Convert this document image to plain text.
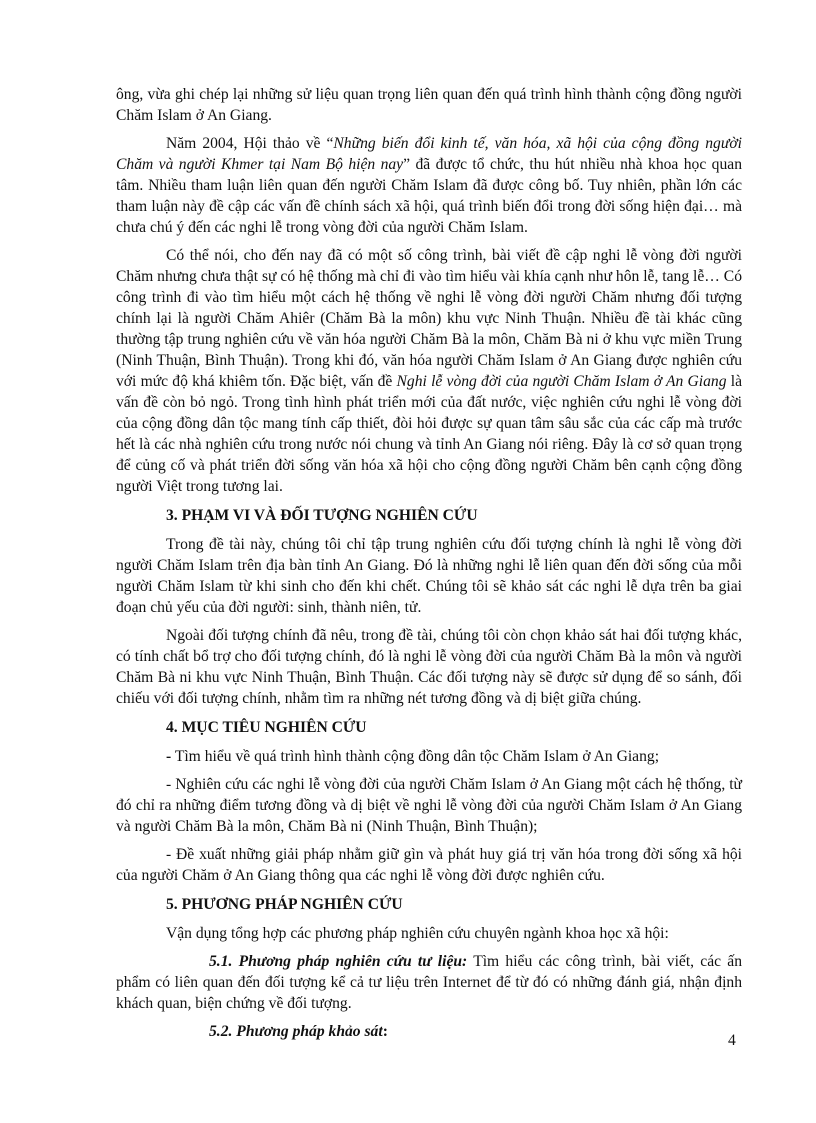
ông, vừa ghi chép lại những sử liệu quan trọng liên quan đến quá trình hình thành cộng đồng người Chăm Islam ở An Giang.

Năm 2004, Hội thảo về “Những biến đổi kinh tế, văn hóa, xã hội của cộng đồng người Chăm và người Khmer tại Nam Bộ hiện nay” đã được tổ chức, thu hút nhiều nhà khoa học quan tâm. Nhiều tham luận liên quan đến người Chăm Islam đã được công bố. Tuy nhiên, phần lớn các tham luận này đề cập các vấn đề chính sách xã hội, quá trình biến đổi trong đời sống hiện đại… mà chưa chú ý đến các nghi lễ trong vòng đời của người Chăm Islam.

Có thể nói, cho đến nay đã có một số công trình, bài viết đề cập nghi lễ vòng đời người Chăm nhưng chưa thật sự có hệ thống mà chỉ đi vào tìm hiểu vài khía cạnh như hôn lễ, tang lễ… Có công trình đi vào tìm hiểu một cách hệ thống về nghi lễ vòng đời người Chăm nhưng đối tượng chính lại là người Chăm Ahiêr (Chăm Bà la môn) khu vực Ninh Thuận. Nhiều đề tài khác cũng thường tập trung nghiên cứu về văn hóa người Chăm Bà la môn, Chăm Bà ni ở khu vực miền Trung (Ninh Thuận, Bình Thuận). Trong khi đó, văn hóa người Chăm Islam ở An Giang được nghiên cứu với mức độ khá khiêm tốn. Đặc biệt, vấn đề Nghi lễ vòng đời của người Chăm Islam ở An Giang là vấn đề còn bỏ ngỏ. Trong tình hình phát triển mới của đất nước, việc nghiên cứu nghi lễ vòng đời của cộng đồng dân tộc mang tính cấp thiết, đòi hỏi được sự quan tâm sâu sắc của các cấp mà trước hết là các nhà nghiên cứu trong nước nói chung và tỉnh An Giang nói riêng. Đây là cơ sở quan trọng để củng cố và phát triển đời sống văn hóa xã hội cho cộng đồng người Chăm bên cạnh cộng đồng người Việt trong tương lai.

3. PHẠM VI VÀ ĐỐI TƯỢNG NGHIÊN CỨU

Trong đề tài này, chúng tôi chỉ tập trung nghiên cứu đối tượng chính là nghi lễ vòng đời người Chăm Islam trên địa bàn tỉnh An Giang. Đó là những nghi lễ liên quan đến đời sống của mỗi người Chăm Islam từ khi sinh cho đến khi chết. Chúng tôi sẽ khảo sát các nghi lễ dựa trên ba giai đoạn chủ yếu của đời người: sinh, thành niên, tử.

Ngoài đối tượng chính đã nêu, trong đề tài, chúng tôi còn chọn khảo sát hai đối tượng khác, có tính chất bổ trợ cho đối tượng chính, đó là nghi lễ vòng đời của người Chăm Bà la môn và người Chăm Bà ni khu vực Ninh Thuận, Bình Thuận. Các đối tượng này sẽ được sử dụng để so sánh, đối chiếu với đối tượng chính, nhằm tìm ra những nét tương đồng và dị biệt giữa chúng.

4. MỤC TIÊU NGHIÊN CỨU

- Tìm hiểu về quá trình hình thành cộng đồng dân tộc Chăm Islam ở An Giang;

- Nghiên cứu các nghi lễ vòng đời của người Chăm Islam ở An Giang một cách hệ thống, từ đó chỉ ra những điểm tương đồng và dị biệt về nghi lễ vòng đời của người Chăm Islam ở An Giang và người Chăm Bà la môn, Chăm Bà ni (Ninh Thuận, Bình Thuận);

- Đề xuất những giải pháp nhằm giữ gìn và phát huy giá trị văn hóa trong đời sống xã hội của người Chăm ở An Giang thông qua các nghi lễ vòng đời được nghiên cứu.

5. PHƯƠNG PHÁP NGHIÊN CỨU

Vận dụng tổng hợp các phương pháp nghiên cứu chuyên ngành khoa học xã hội:

5.1. Phương pháp nghiên cứu tư liệu: Tìm hiểu các công trình, bài viết, các ấn phẩm có liên quan đến đối tượng kể cả tư liệu trên Internet để từ đó có những đánh giá, nhận định khách quan, biện chứng về đối tượng.

5.2. Phương pháp khảo sát:

4
